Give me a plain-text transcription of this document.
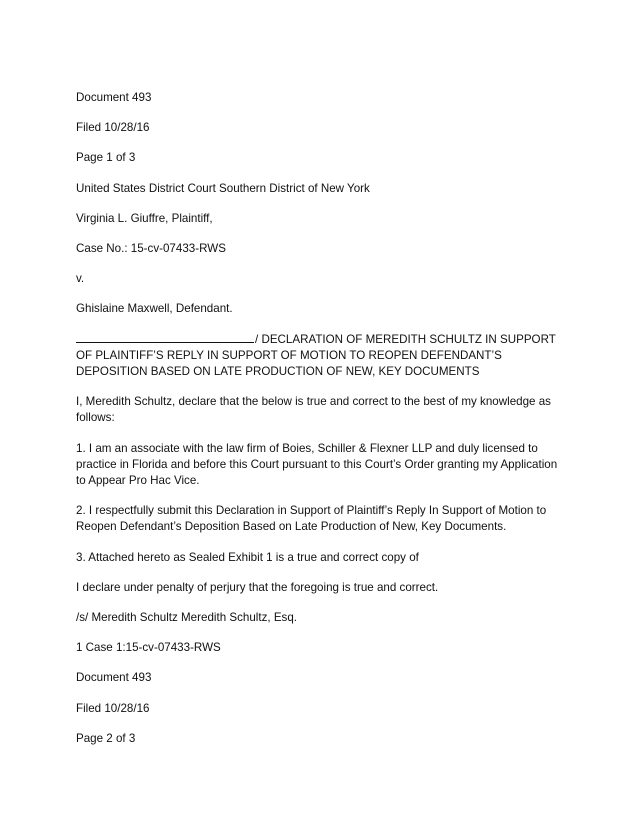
Document 493

Filed 10/28/16

Page 1 of 3

United States District Court Southern District of New York

Virginia L. Giuffre, Plaintiff,

Case No.: 15-cv-07433-RWS

v.

Ghislaine Maxwell, Defendant.

/ DECLARATION OF MEREDITH SCHULTZ IN SUPPORT OF PLAINTIFF’S REPLY IN SUPPORT OF MOTION TO REOPEN DEFENDANT’S DEPOSITION BASED ON LATE PRODUCTION OF NEW, KEY DOCUMENTS

I, Meredith Schultz, declare that the below is true and correct to the best of my knowledge as follows:

1. I am an associate with the law firm of Boies, Schiller & Flexner LLP and duly licensed to practice in Florida and before this Court pursuant to this Court’s Order granting my Application to Appear Pro Hac Vice.

2. I respectfully submit this Declaration in Support of Plaintiff’s Reply In Support of Motion to Reopen Defendant’s Deposition Based on Late Production of New, Key Documents.

3. Attached hereto as Sealed Exhibit 1 is a true and correct copy of

I declare under penalty of perjury that the foregoing is true and correct.

/s/ Meredith Schultz Meredith Schultz, Esq.

1 Case 1:15-cv-07433-RWS

Document 493

Filed 10/28/16

Page 2 of 3
